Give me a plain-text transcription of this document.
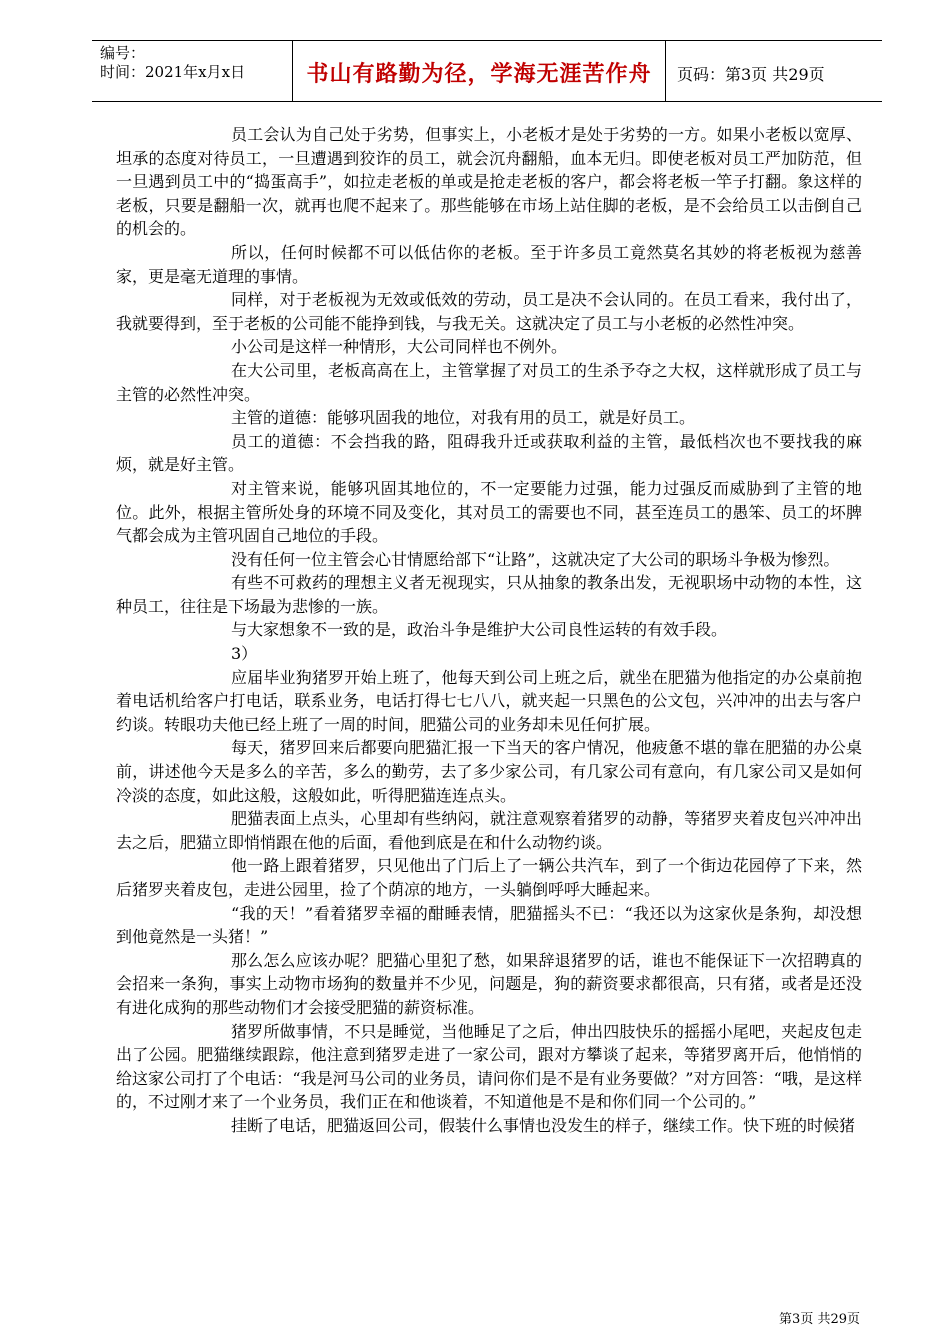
编号：
时间：2021年x月x日	书山有路勤为径，学海无涯苦作舟	页码：第3页 共29页

员工会认为自己处于劣势，但事实上，小老板才是处于劣势的一方。如果小老板以宽厚、坦承的态度对待员工，一旦遭遇到狡诈的员工，就会沉舟翻船，血本无归。即使老板对员工严加防范，但一旦遇到员工中的“捣蛋高手”，如拉走老板的单或是抢走老板的客户，都会将老板一竿子打翻。象这样的老板，只要是翻船一次，就再也爬不起来了。那些能够在市场上站住脚的老板，是不会给员工以击倒自己的机会的。

所以，任何时候都不可以低估你的老板。至于许多员工竟然莫名其妙的将老板视为慈善家，更是毫无道理的事情。

同样，对于老板视为无效或低效的劳动，员工是决不会认同的。在员工看来，我付出了，我就要得到，至于老板的公司能不能挣到钱，与我无关。这就决定了员工与小老板的必然性冲突。

小公司是这样一种情形，大公司同样也不例外。

在大公司里，老板高高在上，主管掌握了对员工的生杀予夺之大权，这样就形成了员工与主管的必然性冲突。

主管的道德：能够巩固我的地位，对我有用的员工，就是好员工。

员工的道德：不会挡我的路，阻碍我升迁或获取利益的主管，最低档次也不要找我的麻烦，就是好主管。

对主管来说，能够巩固其地位的，不一定要能力过强，能力过强反而威胁到了主管的地位。此外，根据主管所处身的环境不同及变化，其对员工的需要也不同，甚至连员工的愚笨、员工的坏脾气都会成为主管巩固自己地位的手段。

没有任何一位主管会心甘情愿给部下“让路”，这就决定了大公司的职场斗争极为惨烈。

有些不可救药的理想主义者无视现实，只从抽象的教条出发，无视职场中动物的本性，这种员工，往往是下场最为悲惨的一族。

与大家想象不一致的是，政治斗争是维护大公司良性运转的有效手段。

3）

应届毕业狗猪罗开始上班了，他每天到公司上班之后，就坐在肥猫为他指定的办公桌前抱着电话机给客户打电话，联系业务，电话打得七七八八，就夹起一只黑色的公文包，兴冲冲的出去与客户约谈。转眼功夫他已经上班了一周的时间，肥猫公司的业务却未见任何扩展。

每天，猪罗回来后都要向肥猫汇报一下当天的客户情况，他疲惫不堪的靠在肥猫的办公桌前，讲述他今天是多么的辛苦，多么的勤劳，去了多少家公司，有几家公司有意向，有几家公司又是如何冷淡的态度，如此这般，这般如此，听得肥猫连连点头。

肥猫表面上点头，心里却有些纳闷，就注意观察着猪罗的动静，等猪罗夹着皮包兴冲冲出去之后，肥猫立即悄悄跟在他的后面，看他到底是在和什么动物约谈。

他一路上跟着猪罗，只见他出了门后上了一辆公共汽车，到了一个街边花园停了下来，然后猪罗夹着皮包，走进公园里，捡了个荫凉的地方，一头躺倒呼呼大睡起来。

“我的天！”看着猪罗幸福的酣睡表情，肥猫摇头不已：“我还以为这家伙是条狗，却没想到他竟然是一头猪！”

那么怎么应该办呢？肥猫心里犯了愁，如果辞退猪罗的话，谁也不能保证下一次招聘真的会招来一条狗，事实上动物市场狗的数量并不少见，问题是，狗的薪资要求都很高，只有猪，或者是还没有进化成狗的那些动物们才会接受肥猫的薪资标准。

猪罗所做事情，不只是睡觉，当他睡足了之后，伸出四肢快乐的摇摇小尾吧，夹起皮包走出了公园。肥猫继续跟踪，他注意到猪罗走进了一家公司，跟对方攀谈了起来，等猪罗离开后，他悄悄的给这家公司打了个电话：“我是河马公司的业务员，请问你们是不是有业务要做？”对方回答：“哦，是这样的，不过刚才来了一个业务员，我们正在和他谈着，不知道他是不是和你们同一个公司的。”

挂断了电话，肥猫返回公司，假装什么事情也没发生的样子，继续工作。快下班的时候猪

第3页 共29页
